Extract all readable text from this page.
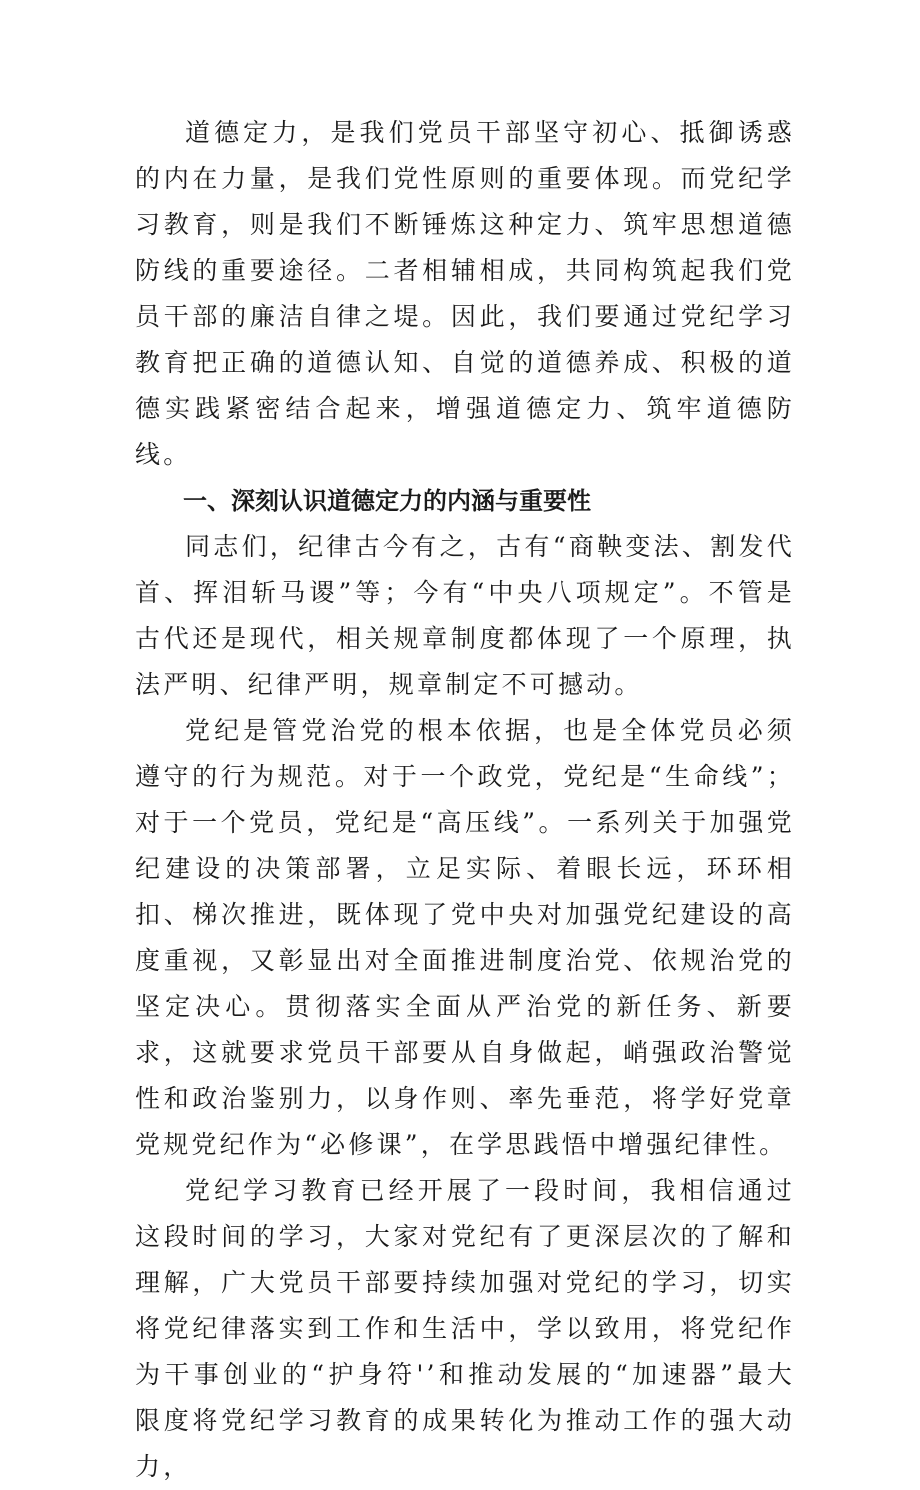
道德定力，是我们党员干部坚守初心、抵御诱惑的内在力量，是我们党性原则的重要体现。而党纪学习教育，则是我们不断锤炼这种定力、筑牢思想道德防线的重要途径。二者相辅相成，共同构筑起我们党员干部的廉洁自律之堤。因此，我们要通过党纪学习教育把正确的道德认知、自觉的道德养成、积极的道德实践紧密结合起来，增强道德定力、筑牢道德防线。

一、深刻认识道德定力的内涵与重要性

同志们，纪律古今有之，古有“商鞅变法、割发代首、挥泪斩马谡”等；今有“中央八项规定”。不管是古代还是现代，相关规章制度都体现了一个原理，执法严明、纪律严明，规章制定不可撼动。

党纪是管党治党的根本依据，也是全体党员必须遵守的行为规范。对于一个政党，党纪是“生命线”；对于一个党员，党纪是“高压线”。一系列关于加强党纪建设的决策部署，立足实际、着眼长远，环环相扣、梯次推进，既体现了党中央对加强党纪建设的高度重视，又彰显出对全面推进制度治党、依规治党的坚定决心。贯彻落实全面从严治党的新任务、新要求，这就要求党员干部要从自身做起，峭强政治警觉性和政治鉴别力，以身作则、率先垂范，将学好党章党规党纪作为“必修课”，在学思践悟中增强纪律性。

党纪学习教育已经开展了一段时间，我相信通过这段时间的学习，大家对党纪有了更深层次的了解和理解，广大党员干部要持续加强对党纪的学习，切实将党纪律落实到工作和生活中，学以致用，将党纪作为干事创业的“护身符'’和推动发展的“加速器”最大限度将党纪学习教育的成果转化为推动工作的强大动力，
